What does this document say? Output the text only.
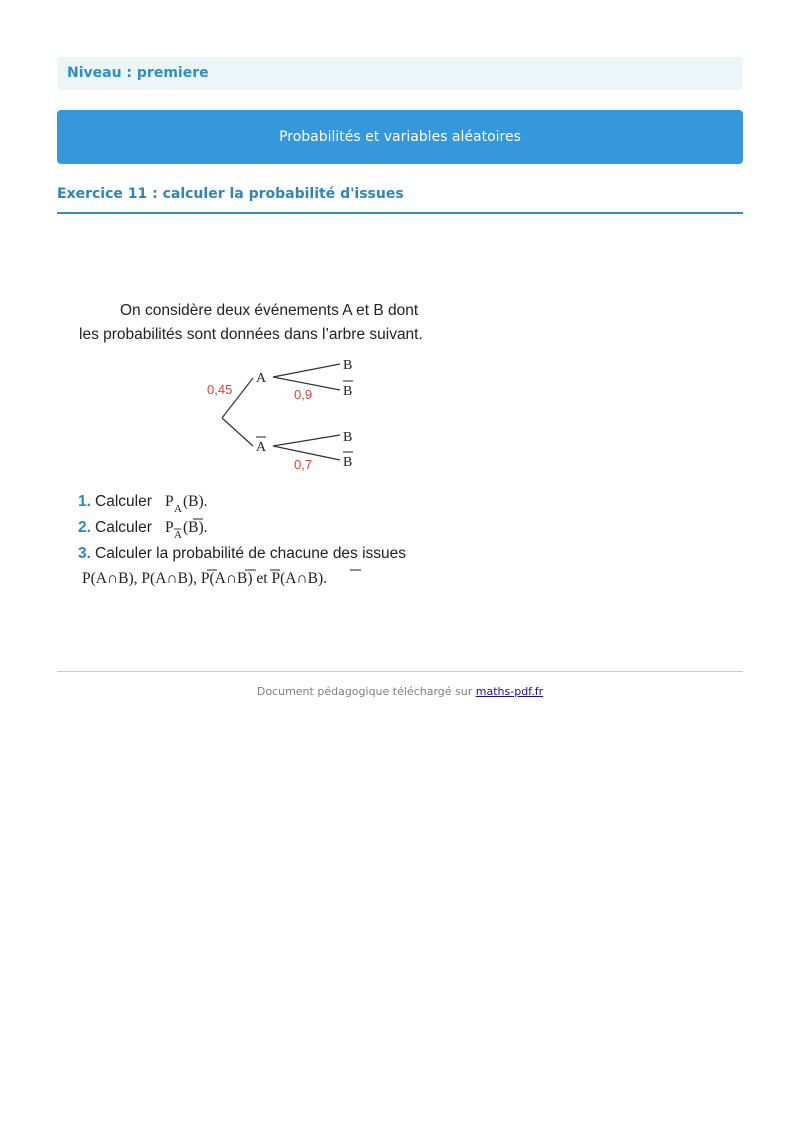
Niveau : premiere
Probabilités et variables aléatoires
Exercice 11 : calculer la probabilité d'issues
On considère deux événements A et B dont
les probabilités sont données dans l’arbre suivant.
A
A
B
B
B
B
0,45	0,9
0,7
1. Calculer P A (B).
2. Calculer P A (B).
3. Calculer la probabilité de chacune des issues
P(A∩B), P(A∩B), P(A∩B) et P(A∩B).
Document pédagogique téléchargé sur maths-pdf.fr
